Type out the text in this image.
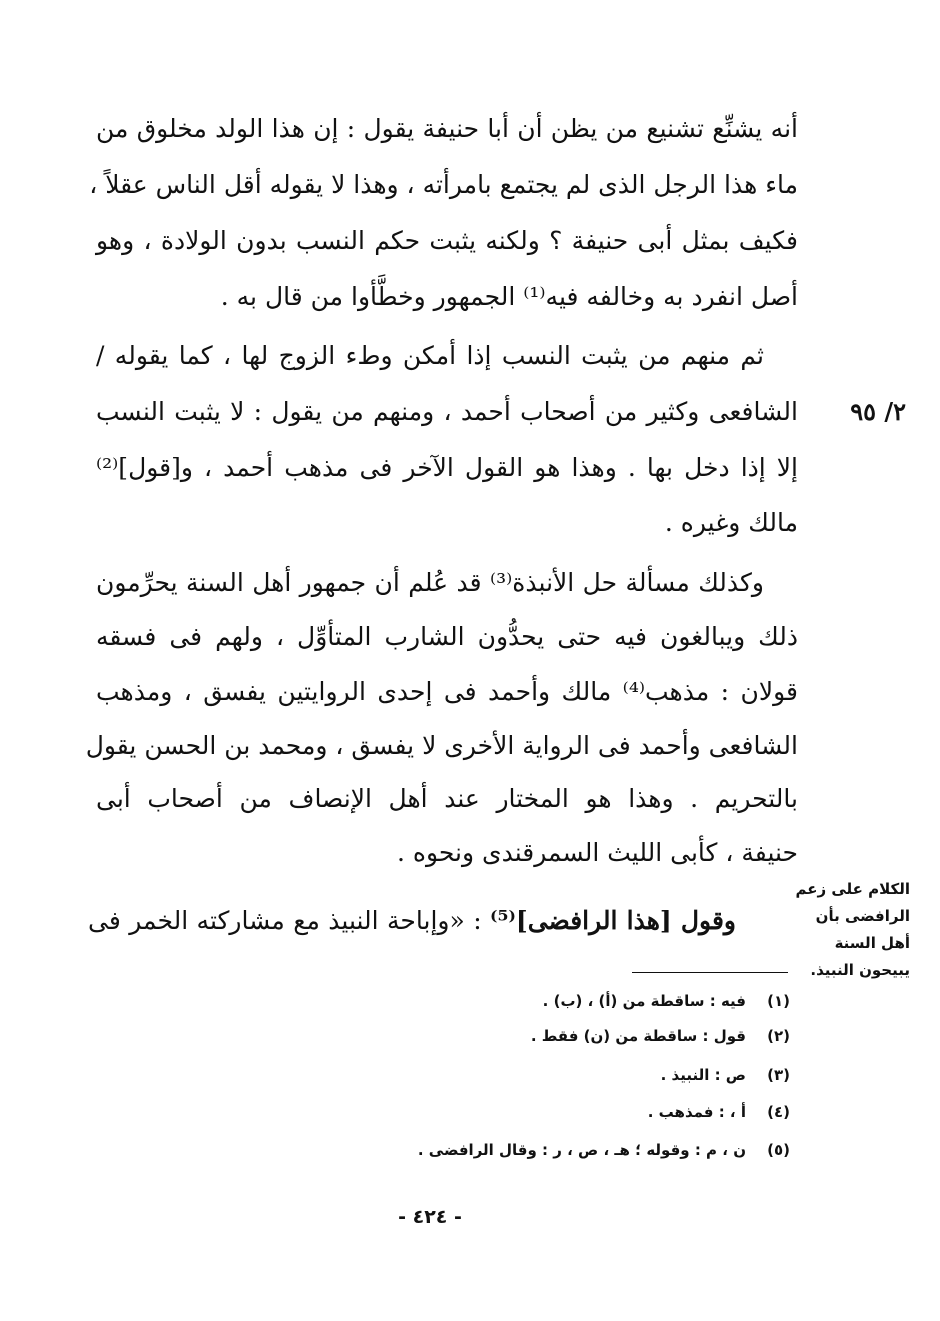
أنه يشنِّع تشنيع من يظن أن أبا حنيفة يقول : إن هذا الولد مخلوق من
ماء هذا الرجل الذى لم يجتمع بامرأته ، وهذا لا يقوله أقل الناس عقلاً ،
فكيف بمثل أبى حنيفة ؟ ولكنه يثبت حكم النسب بدون الولادة ، وهو
أصل انفرد به وخالفه فيه⁽¹⁾ الجمهور وخطَّأوا من قال به .
ثم منهم من يثبت النسب إذا أمكن وطء الزوج لها ، كما يقوله /
الشافعى وكثير من أصحاب أحمد ، ومنهم من يقول : لا يثبت النسب
إلا إذا دخل بها . وهذا هو القول الآخر فى مذهب أحمد ، و[قول]⁽²⁾
مالك وغيره .
٢/ ٩٥
وكذلك مسألة حل الأنبذة⁽³⁾ قد عُلم أن جمهور أهل السنة يحرِّمون
ذلك ويبالغون فيه حتى يحدُّون الشارب المتأوِّل ، ولهم فى فسقه
قولان : مذهب⁽⁴⁾ مالك وأحمد فى إحدى الروايتين يفسق ، ومذهب
الشافعى وأحمد فى الرواية الأخرى لا يفسق ، ومحمد بن الحسن يقول
بالتحريم . وهذا هو المختار عند أهل الإنصاف من أصحاب أبى
حنيفة ، كأبى الليث السمرقندى ونحوه .
الكلام على زعم
الرافضى بأن
أهل السنة
يبيحون النبيذ.
وقول [هذا الرافضى]⁽⁵⁾ : «وإباحة النبيذ مع مشاركته الخمر فى
(١)فيه : ساقطة من (أ) ، (ب) .
(٢)قول : ساقطة من (ن) فقط .
(٣)ص : النبيذ .
(٤)أ ، : فمذهب .
(٥)ن ، م : وقوله ؛ هـ ، ص ، ر : وقال الرافضى .
- ٤٢٤ -
